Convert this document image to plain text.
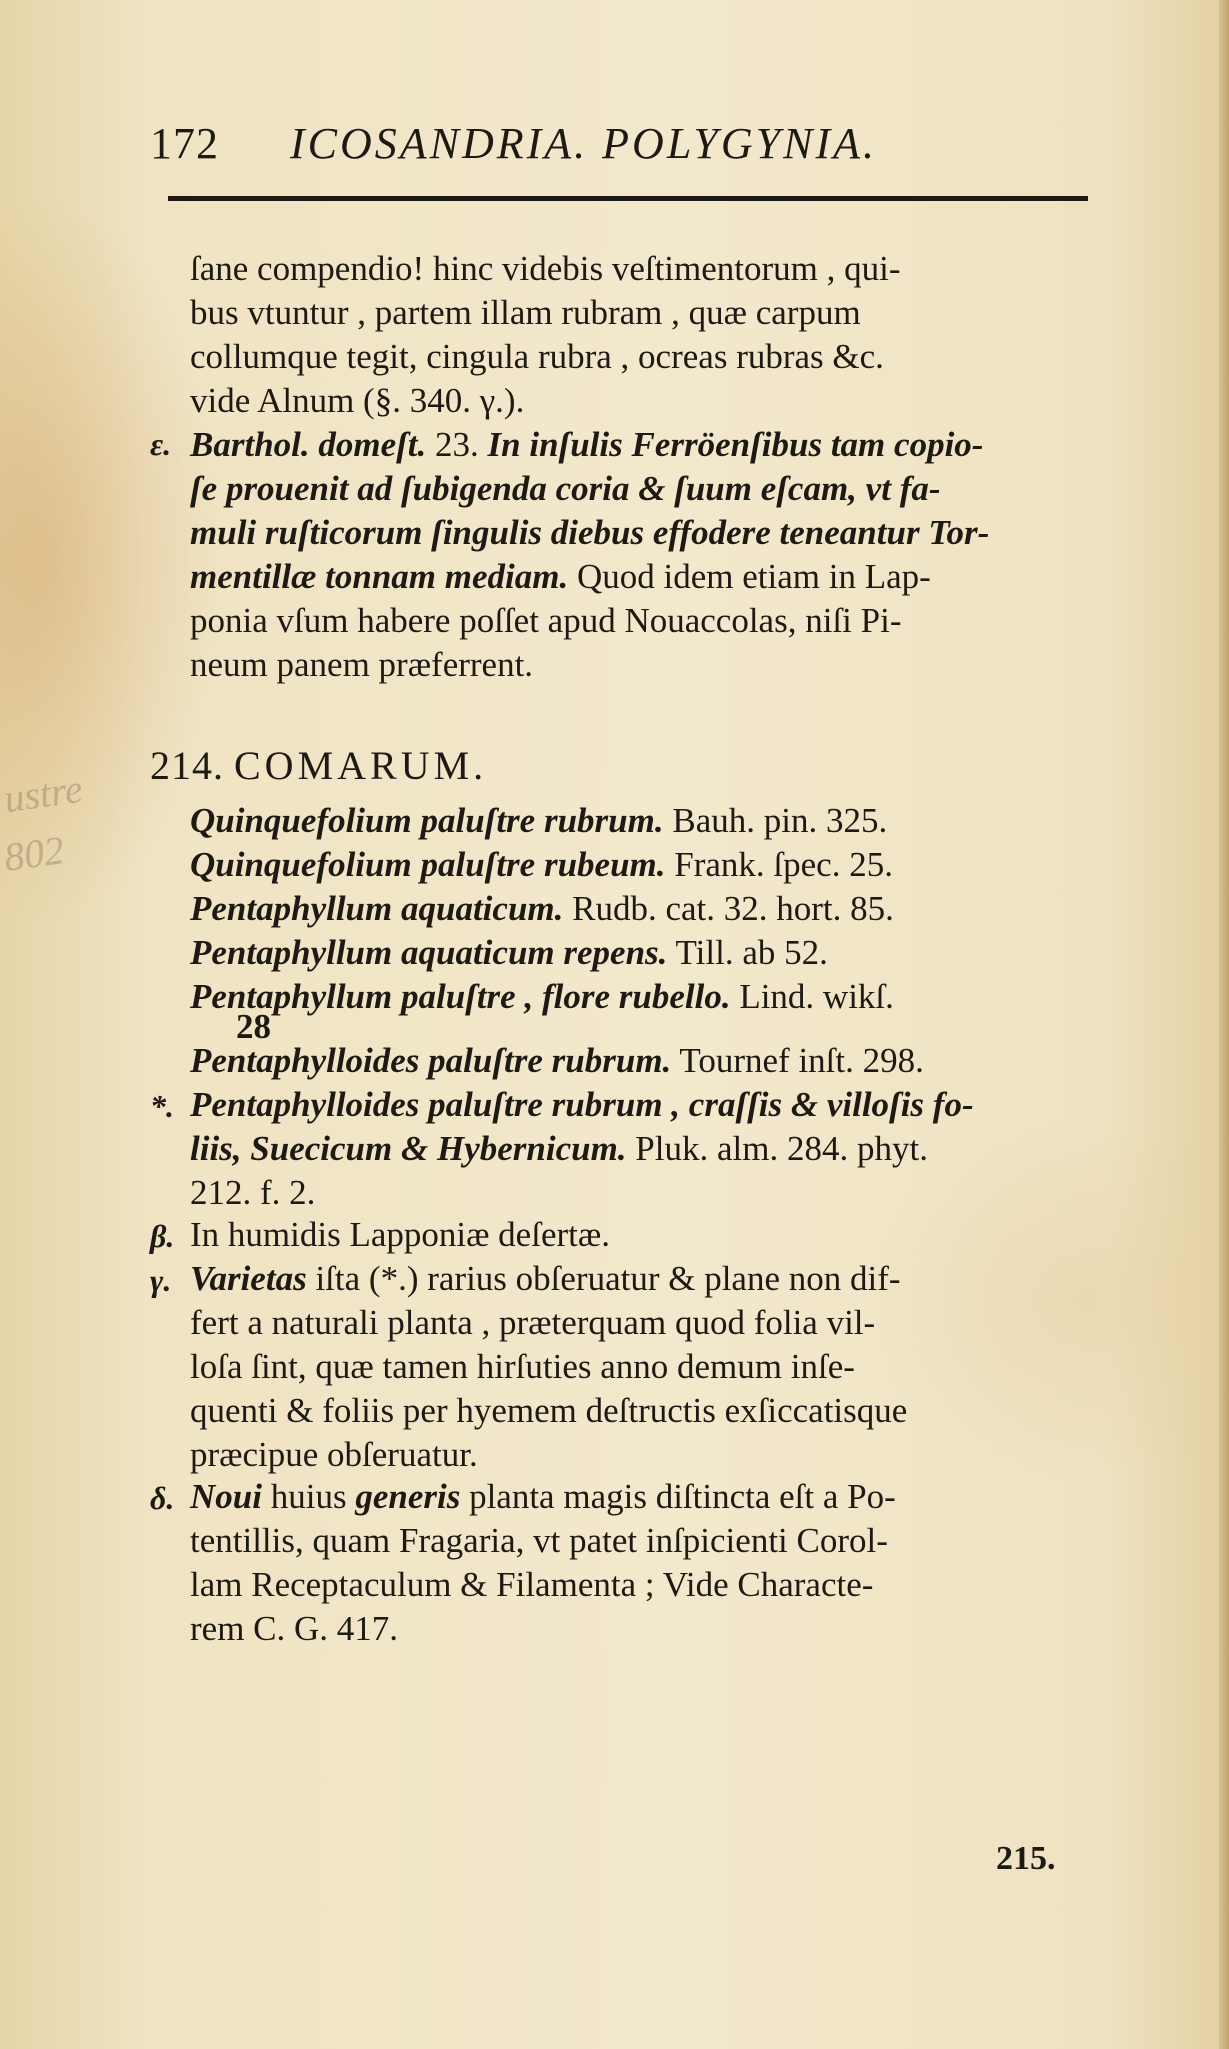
ustre
802
172 ICOSANDRIA. POLYGYNIA.
ſane compendio! hinc videbis veſtimentorum , qui-
bus vtuntur , partem illam rubram , quæ carpum
collumque tegit, cingula rubra , ocreas rubras &c.
vide Alnum (§. 340. γ.).
ε. Barthol. domeſt. 23. In inſulis Ferröenſibus tam copio-
ſe prouenit ad ſubigenda coria & ſuum eſcam, vt fa-
muli ruſticorum ſingulis diebus effodere teneantur Tor-
mentillæ tonnam mediam. Quod idem etiam in Lap-
ponia vſum habere poſſet apud Nouaccolas, niſi Pi-
neum panem præferrent.
214. COMARUM.
Quinquefolium paluſtre rubrum. Bauh. pin. 325.
Quinquefolium paluſtre rubeum. Frank. ſpec. 25.
Pentaphyllum aquaticum. Rudb. cat. 32. hort. 85.
Pentaphyllum aquaticum repens. Till. ab 52.
Pentaphyllum paluſtre , flore rubello. Lind. wikſ.
28
Pentaphylloides paluſtre rubrum. Tournef inſt. 298.
*. Pentaphylloides paluſtre rubrum , craſſis & villoſis fo-
liis, Suecicum & Hybernicum. Pluk. alm. 284. phyt.
212. f. 2.
β. In humidis Lapponiæ deſertæ.
γ. Varietas iſta (*.) rarius obſeruatur & plane non dif-
fert a naturali planta , præterquam quod folia vil-
loſa ſint, quæ tamen hirſuties anno demum inſe-
quenti & foliis per hyemem deſtructis exſiccatisque
præcipue obſeruatur.
δ. Noui huius generis planta magis diſtincta eſt a Po-
tentillis, quam Fragaria, vt patet inſpicienti Corol-
lam Receptaculum & Filamenta ; Vide Characte-
rem C. G. 417.
215.
